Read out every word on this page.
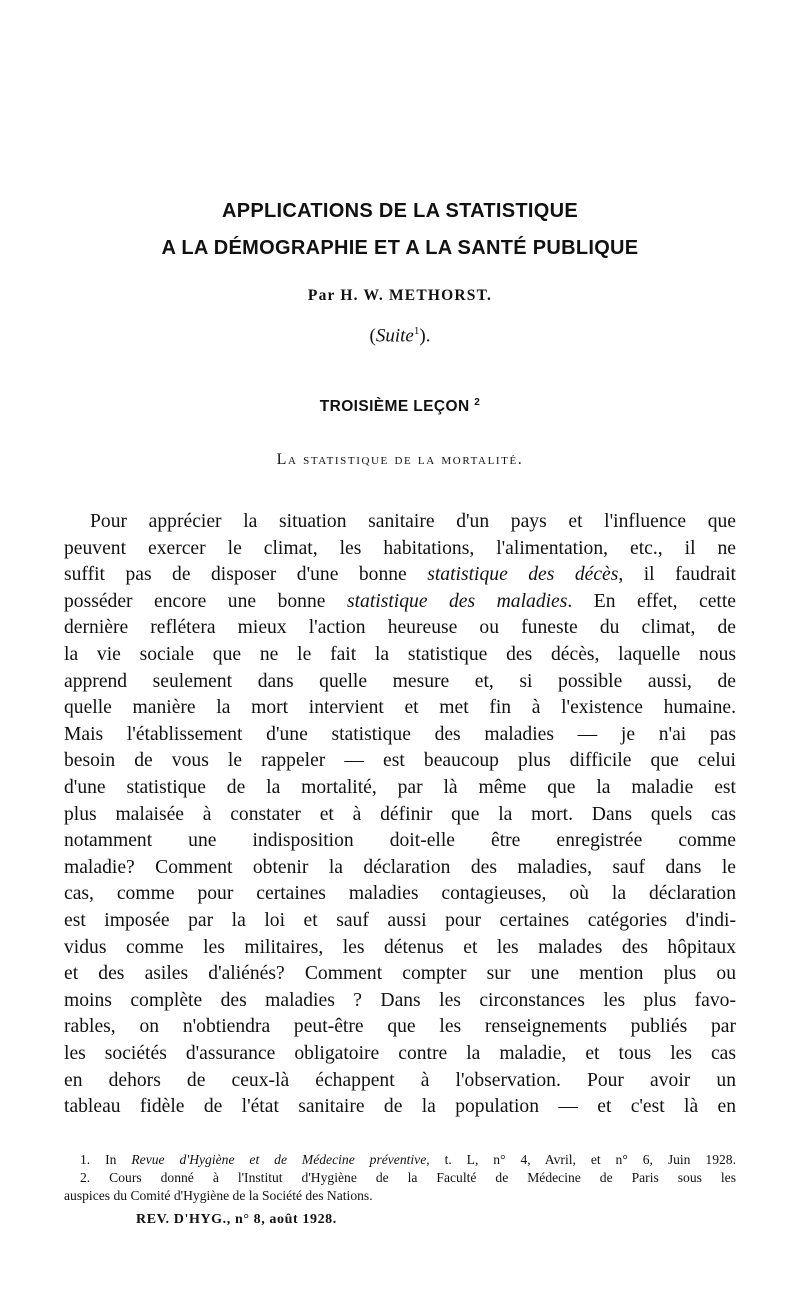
APPLICATIONS DE LA STATISTIQUE
A LA DÉMOGRAPHIE ET A LA SANTÉ PUBLIQUE
Par H. W. METHORST.
(Suite$^1$).
TROISIÈME LEÇON $^2$
La statistique de la mortalité.
Pour apprécier la situation sanitaire d'un pays et l'influence que
peuvent exercer le climat, les habitations, l'alimentation, etc., il ne
suffit pas de disposer d'une bonne statistique des décès, il faudrait
posséder encore une bonne statistique des maladies. En effet, cette
dernière reflétera mieux l'action heureuse ou funeste du climat, de
la vie sociale que ne le fait la statistique des décès, laquelle nous
apprend seulement dans quelle mesure et, si possible aussi, de
quelle manière la mort intervient et met fin à l'existence humaine.
Mais l'établissement d'une statistique des maladies — je n'ai pas
besoin de vous le rappeler — est beaucoup plus difficile que celui
d'une statistique de la mortalité, par là même que la maladie est
plus malaisée à constater et à définir que la mort. Dans quels cas
notamment une indisposition doit-elle être enregistrée comme
maladie? Comment obtenir la déclaration des maladies, sauf dans le
cas, comme pour certaines maladies contagieuses, où la déclaration
est imposée par la loi et sauf aussi pour certaines catégories d'indi-
vidus comme les militaires, les détenus et les malades des hôpitaux
et des asiles d'aliénés? Comment compter sur une mention plus ou
moins complète des maladies ? Dans les circonstances les plus favo-
rables, on n'obtiendra peut-être que les renseignements publiés par
les sociétés d'assurance obligatoire contre la maladie, et tous les cas
en dehors de ceux-là échappent à l'observation. Pour avoir un
tableau fidèle de l'état sanitaire de la population — et c'est là en
1. In Revue d'Hygiène et de Médecine préventive, t. L, n° 4, Avril, et n° 6, Juin 1928.
2. Cours donné à l'Institut d'Hygiène de la Faculté de Médecine de Paris sous les
auspices du Comité d'Hygiène de la Société des Nations.
REV. D'HYG., n° 8, août 1928.
